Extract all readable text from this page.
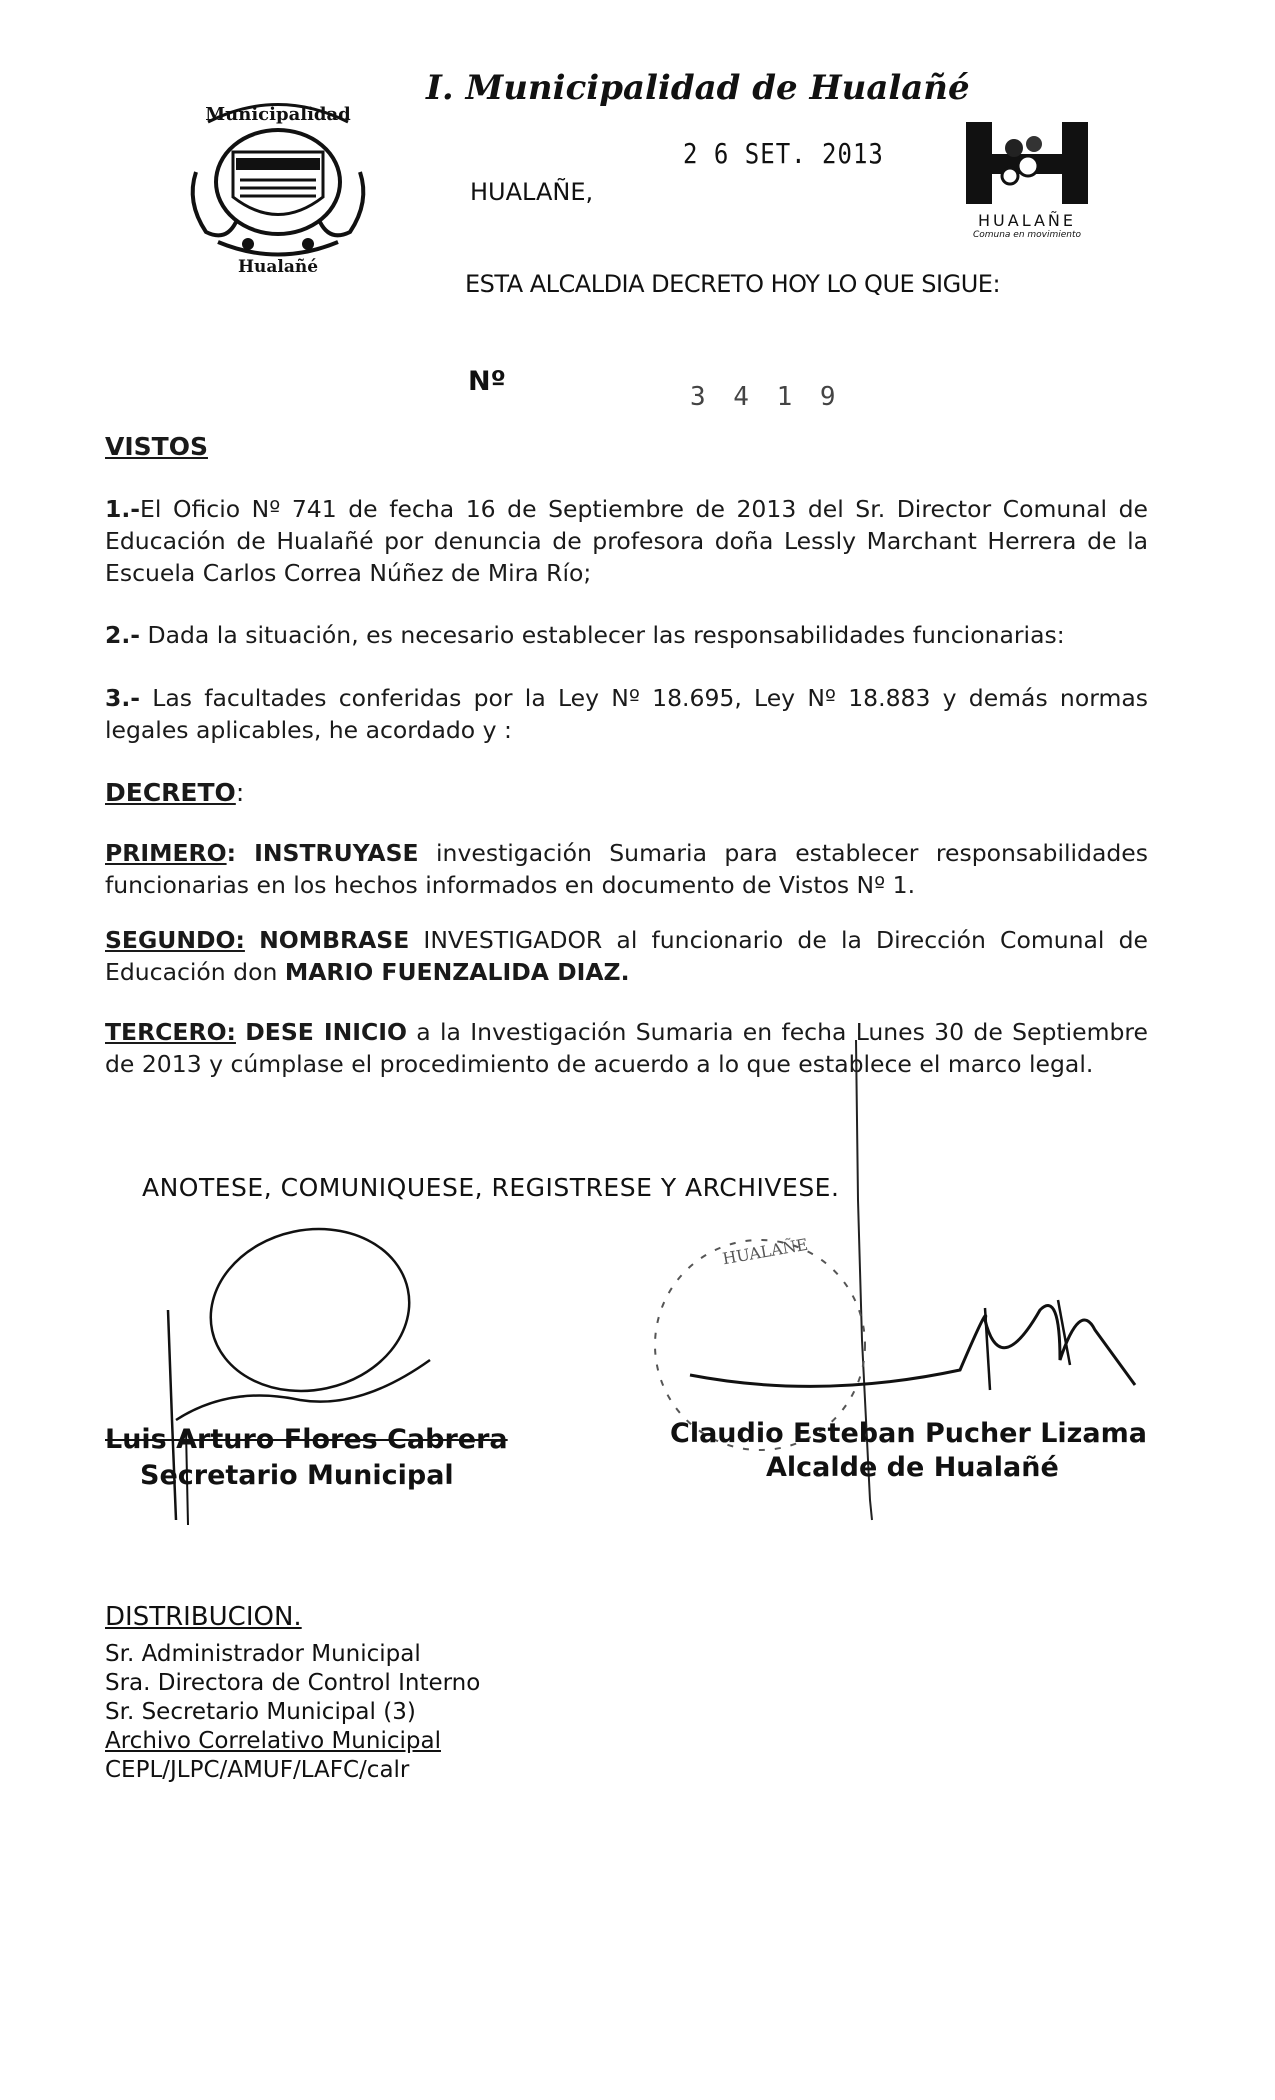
Municipalidad
Hualañé
I. Municipalidad de Hualañé
2 6 SET. 2013
HUALAÑE,
HUALAÑE
Comuna en movimiento
ESTA ALCALDIA DECRETO HOY LO QUE SIGUE:
Nº	3 4 1 9
VISTOS

1.-El Oficio Nº 741 de fecha 16 de Septiembre de 2013 del Sr. Director Comunal de Educación de Hualañé por denuncia de profesora doña Lessly Marchant Herrera de la Escuela Carlos Correa Núñez de Mira Río;

2.- Dada la situación, es necesario establecer las responsabilidades funcionarias:

3.- Las facultades conferidas por la Ley Nº 18.695, Ley Nº 18.883 y demás normas legales aplicables, he acordado y :

DECRETO:

PRIMERO: INSTRUYASE investigación Sumaria para establecer responsabilidades funcionarias en los hechos informados en documento de Vistos Nº 1.

SEGUNDO: NOMBRASE INVESTIGADOR al funcionario de la Dirección Comunal de Educación don MARIO FUENZALIDA DIAZ.

TERCERO: DESE INICIO a la Investigación Sumaria en fecha Lunes 30 de Septiembre de 2013 y cúmplase el procedimiento de acuerdo a lo que establece el marco legal.

ANOTESE, COMUNIQUESE, REGISTRESE Y ARCHIVESE.
HUALAÑE
Luis Arturo Flores Cabrera
Secretario Municipal
Claudio Esteban Pucher Lizama
Alcalde de Hualañé
DISTRIBUCION.
Sr. Administrador Municipal
Sra. Directora de Control Interno
Sr. Secretario Municipal (3)
Archivo Correlativo Municipal
CEPL/JLPC/AMUF/LAFC/calr
